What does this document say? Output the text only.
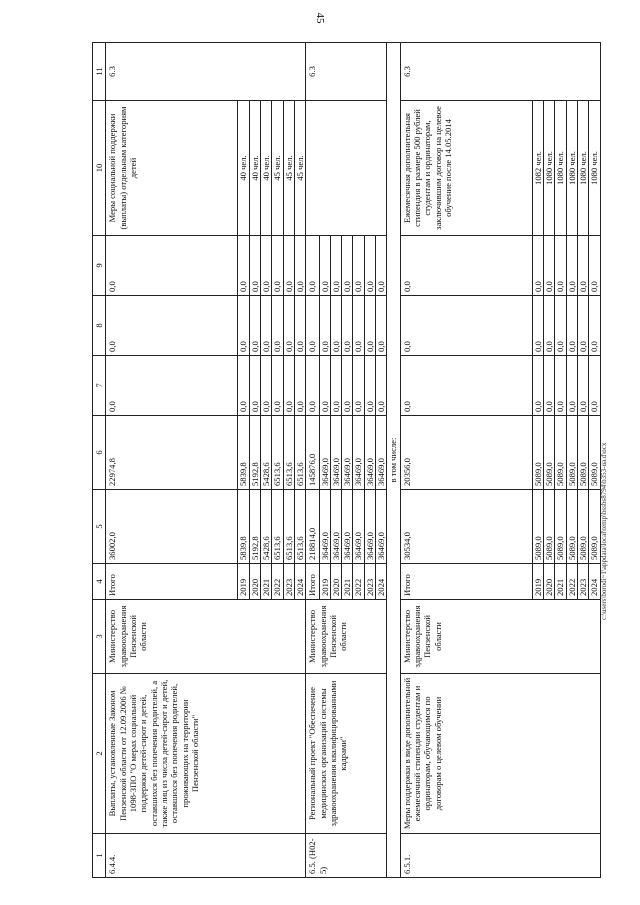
45
1	2	3	4	5	6	7	8	9	10	11
6.4.4.	Выплаты, установленные Законом Пензенской области от 12.09.2006 № 1098-ЗПО "О мерах социальной поддержки детей-сирот и детей, оставшихся без попечения родителей, а также лиц из числа детей-сирот и детей, оставшихся без попечения родителей, проживающих на территории Пензенской области"	Министерство здравоохранения Пензенской области	Итого	36002,0	22974,8	0,0	0,0	0,0	Меры социальной поддержки (выплаты) отдельным категориям детей	6.3
			2019	5839,8	5839,8	0,0	0,0	0,0	40 чел.	
			2020	5192,8	5192,8	0,0	0,0	0,0	40 чел.	
			2021	5428,6	5428,6	0,0	0,0	0,0	40 чел.	
			2022	6513,6	6513,6	0,0	0,0	0,0	45 чел.	
			2023	6513,6	6513,6	0,0	0,0	0,0	45 чел.	
			2024	6513,6	6513,6	0,0	0,0	0,0	45 чел.	
6.5. (Н02-5)	Региональный проект "Обеспечение медицинских организаций системы здравоохранения квалифицированными кадрами"	Министерство здравоохранения Пензенской области	Итого	218814,0	145876,0	0,0	0,0	0,0		6.3
			2019	36469,0	36469,0	0,0	0,0	0,0		
			2020	36469,0	36469,0	0,0	0,0	0,0		
			2021	36469,0	36469,0	0,0	0,0	0,0		
			2022	36469,0	36469,0	0,0	0,0	0,0		
			2023	36469,0	36469,0	0,0	0,0	0,0		
			2024	36469,0	36469,0	0,0	0,0	0,0		
в том числе:										
6.5.1.	Меры поддержки в виде дополнительной ежемесячной стипендии студентам и ординаторам, обучающимся по договорам о целевом обучении	Министерство здравоохранения Пензенской области	Итого	30534,0	20356,0	0,0	0,0	0,0	Ежемесячная дополнительная стипендия в размере 500 рублей студентам и ординаторам, заключившим договор на целевое обучение после 14.05.2014	6.3
			2019	5089,0	5089,0	0,0	0,0	0,0	1082 чел.	
			2020	5089,0	5089,0	0,0	0,0	0,0	1080 чел.	
			2021	5089,0	5089,0	0,0	0,0	0,0	1080 чел.	
			2022	5089,0	5089,0	0,0	0,0	0,0	1080 чел.	
			2023	5089,0	5089,0	0,0	0,0	0,0	1080 чел.	
			2024	5089,0	5089,0	0,0	0,0	0,0	1080 чел.	
c:\users\borodi~1\appdata\local\temp\bssbs8794\b353-ua.d\ocx
